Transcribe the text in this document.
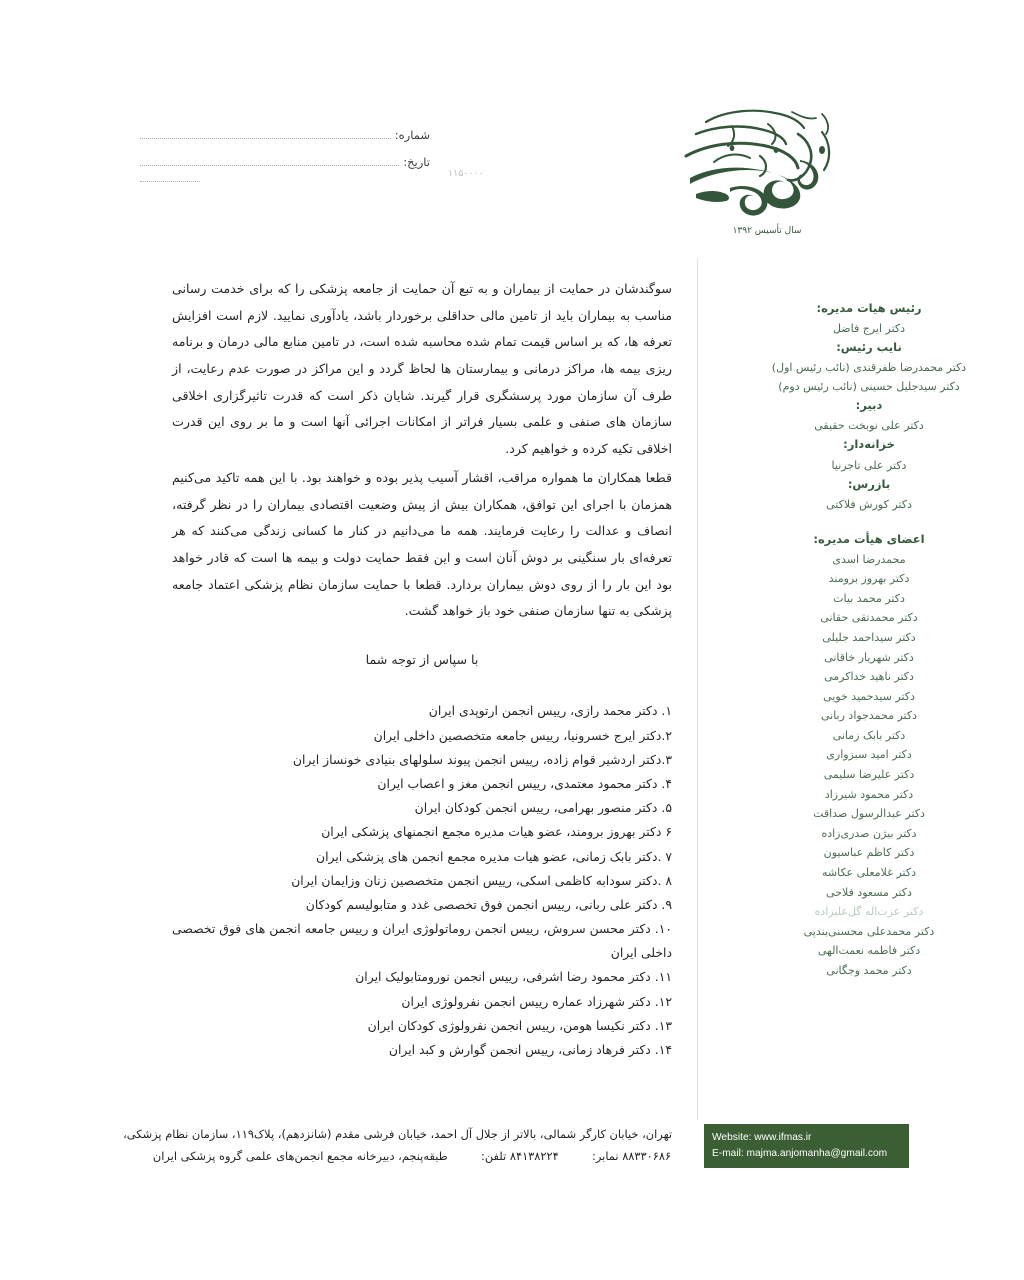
شماره:
تاریخ:
۱۱۵۰۰۰۰
سال تأسیس ۱۳۹۲
رئیس هیات مدیره:
دکتر ایرج فاضل
نایب رئیس:
دکتر محمدرضا ظفرقندی (نائب رئیس اول)
دکتر سیدجلیل حسینی (نائب رئیس دوم)
دبیر:
دکتر علی نوبخت حقیقی
خزانه‌دار:
دکتر علی تاجرنیا
بازرس:
دکتر کورش فلاکتی
اعضای هیأت مدیره:
محمدرضا اسدی
دکتر بهروز برومند
دکتر محمد بیات
دکتر محمدتقی حقانی
دکتر سیداحمد جلیلی
دکتر شهریار خاقانی
دکتر ناهید خداکرمی
دکتر سیدحمید خویی
دکتر محمدجواد ربانی
دکتر بابک زمانی
دکتر امید سبزواری
دکتر علیرضا سلیمی
دکتر محمود شیرزاد
دکتر عبدالرسول صداقت
دکتر بیژن صدری‌زاده
دکتر کاظم عباسیون
دکتر غلامعلی عکاشه
دکتر مسعود فلاحی
دکتر عزت‌اله گل‌علیزاده
دکتر محمدعلی محسنی‌بندپی
دکتر فاطمه نعمت‌الهی
دکتر محمد وجگانی

سوگندشان در حمایت از بیماران و به تبع آن حمایت از جامعه پزشکی را که برای خدمت رسانی مناسب به بیماران باید از تامین مالی حداقلی برخوردار باشد، یادآوری نمایید. لازم است افزایش تعرفه ها، که بر اساس قیمت تمام شده محاسبه شده است، در تامین منابع مالی درمان و برنامه ریزی بیمه ها، مراکز درمانی و بیمارستان ها لحاظ گردد و این مراکز در صورت عدم رعایت، از طرف آن سازمان مورد پرسشگری قرار گیرند. شایان ذکر است که قدرت تاثیرگزاری اخلاقی سازمان های صنفی و علمی بسیار فراتر از امکانات اجرائی آنها است و ما بر روی این قدرت اخلاقی تکیه کرده و خواهیم کرد.

قطعا همکاران ما همواره مراقب، اقشار آسیب پذیر بوده و خواهند بود. با این همه تاکید می‌کنیم همزمان با اجرای این توافق، همکاران بیش از پیش وضعیت اقتصادی بیماران را در نظر گرفته، انصاف و عدالت را رعایت فرمایند. همه ما می‌دانیم در کنار ما کسانی زندگی می‌کنند که هر تعرفه‌ای بار سنگینی بر دوش آنان است و این فقط حمایت دولت و بیمه ها است که قادر خواهد بود این بار را از روی دوش بیماران بردارد. قطعا با حمایت سازمان نظام پزشکی اعتماد جامعه پزشکی به تنها سازمان صنفی خود باز خواهد گشت.

با سپاس از توجه شما
۱. دکتر محمد رازی، رییس انجمن ارتوپدی ایران
۲.دکتر ایرج خسرونیا، رییس جامعه متخصصین داخلی ایران
۳.دکتر اردشیر قوام زاده، رییس انجمن پیوند سلولهای بنیادی خونساز ایران
۴. دکتر محمود معتمدی، رییس انجمن مغز و اعصاب ایران
۵. دکتر منصور بهرامی، رییس انجمن کودکان ایران
۶ دکتر بهروز برومند، عضو هیات مدیره مجمع انجمنهای پزشکی ایران
۷ .دکتر بابک زمانی، عضو هیات مدیره مجمع انجمن های پزشکی ایران
۸ .دکتر سودابه کاظمی اسکی، رییس انجمن متخصصین زنان وزایمان ایران
۹. دکتر علی ربانی، رییس انجمن فوق تخصصی غدد و متابولیسم کودکان
۱۰. دکتر محسن سروش، رییس انجمن روماتولوژی ایران و رییس جامعه انجمن های فوق تخصصی داخلی ایران
۱۱. دکتر محمود رضا اشرفی، رییس انجمن نورومتابولیک ایران
۱۲. دکتر شهرزاد عماره رییس انجمن نفرولوژی ایران
۱۳. دکتر نکیسا هومن، رییس انجمن نفرولوژی کودکان ایران
۱۴. دکتر فرهاد زمانی، رییس انجمن گوارش و کبد ایران
تهران، خیابان کارگر شمالی، بالاتر از جلال آل احمد، خیابان فرشی مقدم (شانزدهم)، پلاک۱۱۹، سازمان نظام پزشکی،
۸۸۳۳۰۶۸۶ نمابر:  ۸۴۱۳۸۲۲۴ تلفن:  طبقه‌پنجم، دبیرخانه مجمع انجمن‌های علمی گروه پزشکی ایران
Website: www.ifmas.ir
E-mail: majma.anjomanha@gmail.com
